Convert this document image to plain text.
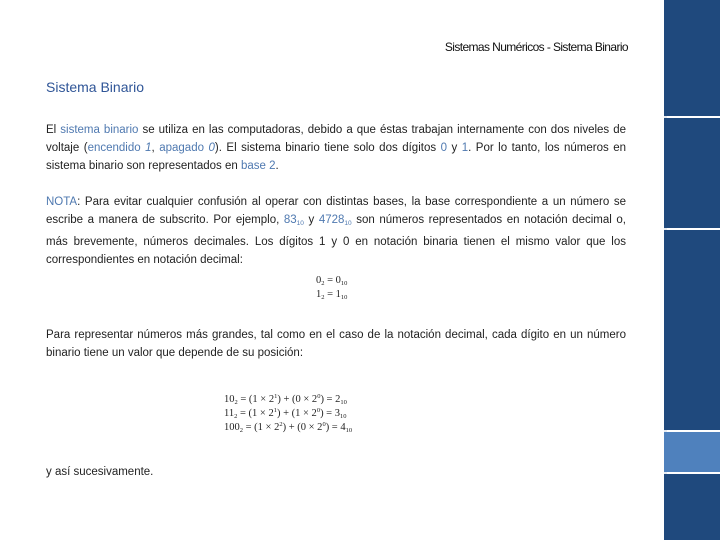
Sistemas Numéricos - Sistema Binario
Sistema Binario
El sistema binario se utiliza en las computadoras, debido a que éstas trabajan internamente con dos niveles de voltaje (encendido 1, apagado 0). El sistema binario tiene solo dos dígitos 0 y 1. Por lo tanto, los números en sistema binario son representados en base 2.
NOTA: Para evitar cualquier confusión al operar con distintas bases, la base correspondiente a un número se escribe a manera de subscrito. Por ejemplo, $83_{10}$ y $4728_{10}$ son números representados en notación decimal o, más brevemente, números decimales. Los dígitos 1 y 0 en notación binaria tienen el mismo valor que los correspondientes en notación decimal:
$0_2 = 0_{10}$
$1_2 = 1_{10}$
Para representar números más grandes, tal como en el caso de la notación decimal, cada dígito en un número binario tiene un valor que depende de su posición:
$10_2 = (1 \times 2^1) + (0 \times 2^0) = 2_{10}$
$11_2 = (1 \times 2^1) + (1 \times 2^0) = 3_{10}$
$100_2 = (1 \times 2^2) + (0 \times 2^0) = 4_{10}$
y así sucesivamente.
